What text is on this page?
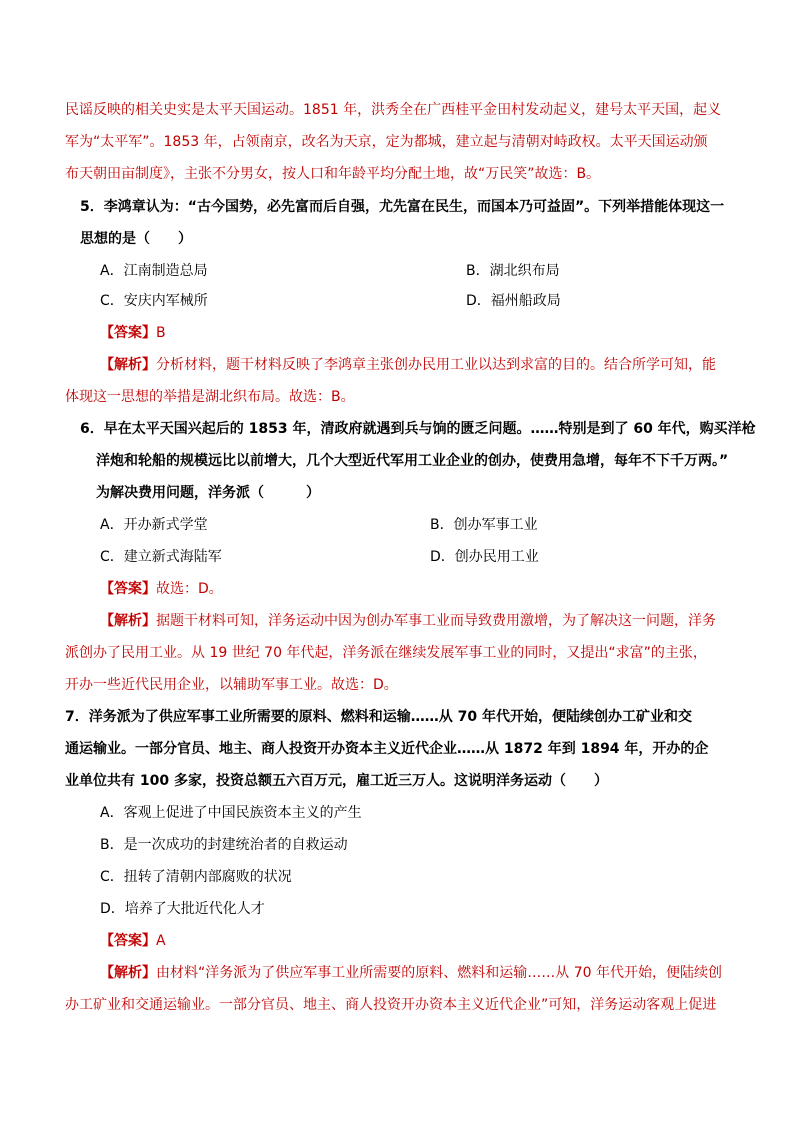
民谣反映的相关史实是太平天国运动。1851 年，洪秀全在广西桂平金田村发动起义，建号太平天国，起义
军为“太平军”。1853 年，占领南京，改名为天京，定为都城，建立起与清朝对峙政权。太平天国运动颁
布天朝田亩制度》，主张不分男女，按人口和年龄平均分配土地，故“万民笑”故选：B。
5．李鸿章认为：“古今国势，必先富而后自强，尤先富在民生，而国本乃可益固”。下列举措能体现这一
思想的是（　　）
A．江南制造总局	B．湖北织布局
C．安庆内军械所	D．福州船政局
【答案】B
【解析】分析材料，题干材料反映了李鸿章主张创办民用工业以达到求富的目的。结合所学可知，能
体现这一思想的举措是湖北织布局。故选：B。
6．早在太平天国兴起后的 1853 年，清政府就遇到兵与饷的匮乏问题。……特别是到了 60 年代，购买洋枪
洋炮和轮船的规模远比以前增大，几个大型近代军用工业企业的创办，使费用急增，每年不下千万两。”
为解决费用问题，洋务派（　　　）
A．开办新式学堂	B．创办军事工业
C．建立新式海陆军	D．创办民用工业
【答案】故选：D。
【解析】据题干材料可知，洋务运动中因为创办军事工业而导致费用激增，为了解决这一问题，洋务
派创办了民用工业。从 19 世纪 70 年代起，洋务派在继续发展军事工业的同时，又提出“求富”的主张，
开办一些近代民用企业，以辅助军事工业。故选：D。
7．洋务派为了供应军事工业所需要的原料、燃料和运输……从 70 年代开始，便陆续创办工矿业和交
通运输业。一部分官员、地主、商人投资开办资本主义近代企业……从 1872 年到 1894 年，开办的企
业单位共有 100 多家，投资总额五六百万元，雇工近三万人。这说明洋务运动（　　）
A．客观上促进了中国民族资本主义的产生
B．是一次成功的封建统治者的自救运动
C．扭转了清朝内部腐败的状况
D．培养了大批近代化人才
【答案】A
【解析】由材料“洋务派为了供应军事工业所需要的原料、燃料和运输……从 70 年代开始，便陆续创
办工矿业和交通运输业。一部分官员、地主、商人投资开办资本主义近代企业”可知，洋务运动客观上促进
